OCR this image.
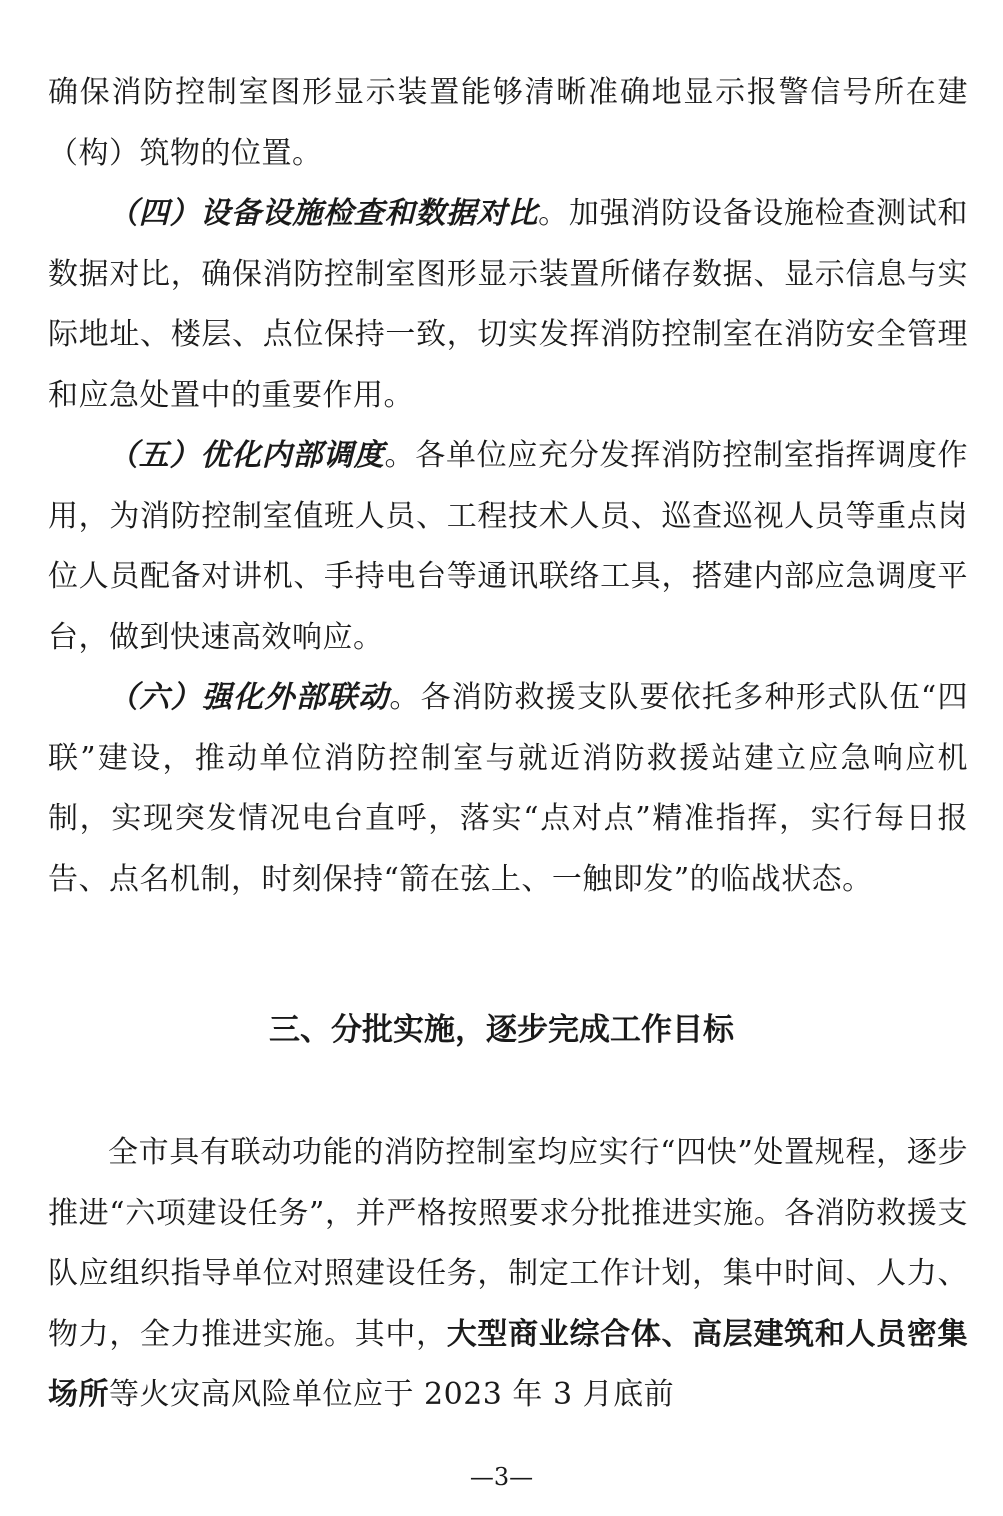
确保消防控制室图形显示装置能够清晰准确地显示报警信号所在建（构）筑物的位置。

（四）设备设施检查和数据对比。加强消防设备设施检查测试和数据对比，确保消防控制室图形显示装置所储存数据、显示信息与实际地址、楼层、点位保持一致，切实发挥消防控制室在消防安全管理和应急处置中的重要作用。

（五）优化内部调度。各单位应充分发挥消防控制室指挥调度作用，为消防控制室值班人员、工程技术人员、巡查巡视人员等重点岗位人员配备对讲机、手持电台等通讯联络工具，搭建内部应急调度平台，做到快速高效响应。

（六）强化外部联动。各消防救援支队要依托多种形式队伍“四联”建设，推动单位消防控制室与就近消防救援站建立应急响应机制，实现突发情况电台直呼，落实“点对点”精准指挥，实行每日报告、点名机制，时刻保持“箭在弦上、一触即发”的临战状态。

三、分批实施，逐步完成工作目标

全市具有联动功能的消防控制室均应实行“四快”处置规程，逐步推进“六项建设任务”，并严格按照要求分批推进实施。各消防救援支队应组织指导单位对照建设任务，制定工作计划，集中时间、人力、物力，全力推进实施。其中，大型商业综合体、高层建筑和人员密集场所等火灾高风险单位应于 2023 年 3 月底前

—3—
